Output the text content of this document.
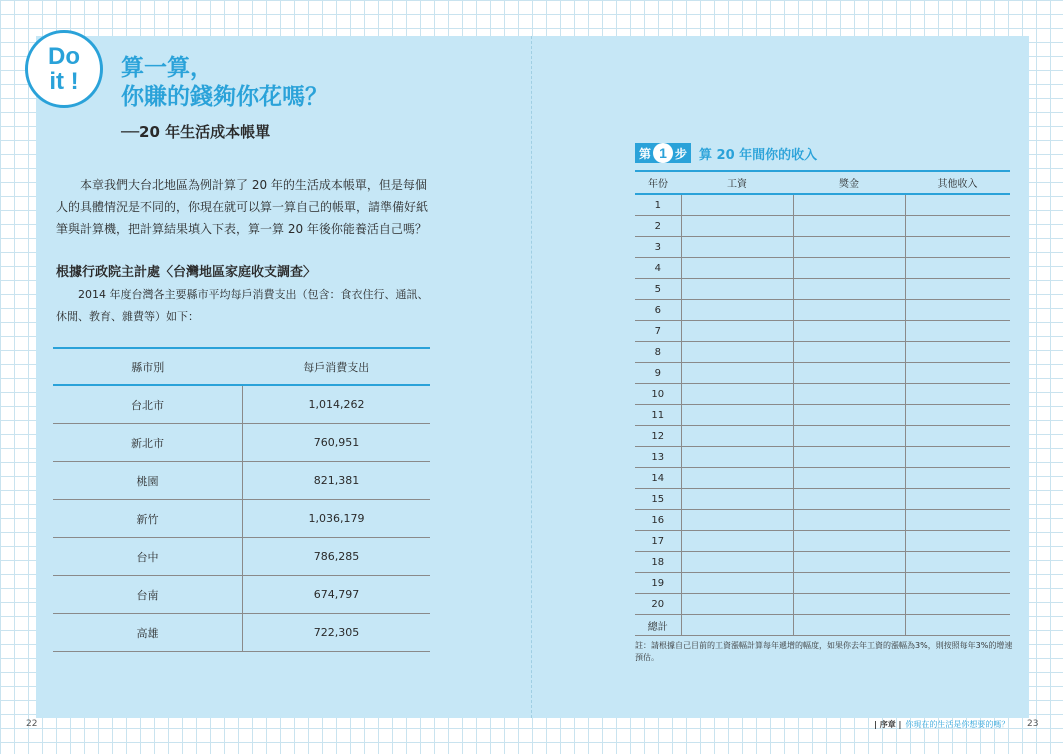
Do
it !	算一算，
你賺的錢夠你花嗎？
──20 年生活成本帳單

本章我們大台北地區為例計算了 20 年的生活成本帳單，但是每個人的具體情況是不同的，你現在就可以算一算自己的帳單，請準備好紙筆與計算機，把計算結果填入下表，算一算 20 年後你能養活自己嗎？

根據行政院主計處〈台灣地區家庭收支調查〉

2014 年度台灣各主要縣市平均每戶消費支出（包含：食衣住行、通訊、休閒、教育、雜費等）如下：

縣市別	每戶消費支出
台北市	1,014,262
新北市	760,951
桃園	821,381
新竹	1,036,179
台中	786,285
台南	674,797
高雄	722,305
第 1 步 算 20 年間你的收入
年份	工資	獎金	其他收入
1			
2			
3			
4			
5			
6			
7			
8			
9			
10			
11			
12			
13			
14			
15			
16			
17			
18			
19			
20			
總計			

註：請根據自己目前的工資漲幅計算每年遞增的幅度，如果你去年工資的漲幅為3%，則按照每年3%的增速預估。

22	| 序章 | 你現在的生活是你想要的嗎？ 23
